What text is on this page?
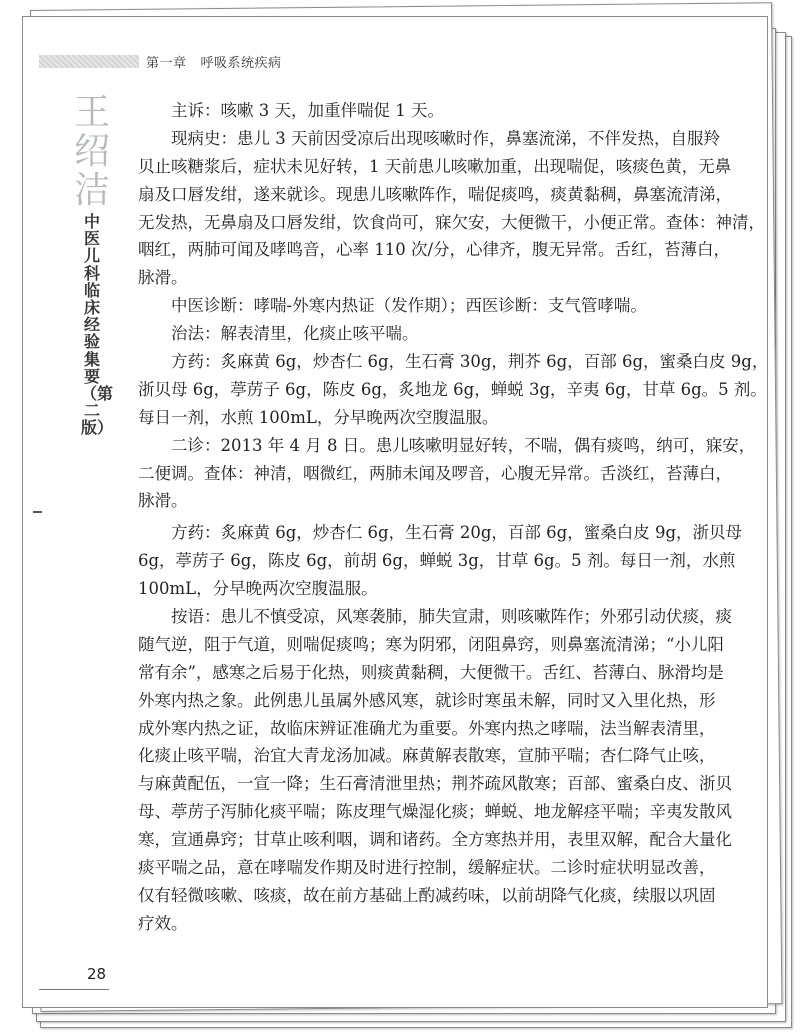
第一章 呼吸系统疾病
王绍洁
中医儿科临床经验集要（第二版）
主诉：咳嗽 3 天，加重伴喘促 1 天。
现病史：患儿 3 天前因受凉后出现咳嗽时作，鼻塞流涕，不伴发热，自服羚
贝止咳糖浆后，症状未见好转，1 天前患儿咳嗽加重，出现喘促，咳痰色黄，无鼻
扇及口唇发绀，遂来就诊。现患儿咳嗽阵作，喘促痰鸣，痰黄黏稠，鼻塞流清涕，
无发热，无鼻扇及口唇发绀，饮食尚可，寐欠安，大便微干，小便正常。查体：神清，
咽红，两肺可闻及哮鸣音，心率 110 次/分，心律齐，腹无异常。舌红，苔薄白，
脉滑。
中医诊断：哮喘-外寒内热证（发作期）；西医诊断：支气管哮喘。
治法：解表清里，化痰止咳平喘。
方药：炙麻黄 6g，炒杏仁 6g，生石膏 30g，荆芥 6g，百部 6g，蜜桑白皮 9g，
浙贝母 6g，葶苈子 6g，陈皮 6g，炙地龙 6g，蝉蜕 3g，辛夷 6g，甘草 6g。5 剂。
每日一剂，水煎 100mL，分早晚两次空腹温服。
二诊：2013 年 4 月 8 日。患儿咳嗽明显好转，不喘，偶有痰鸣，纳可，寐安，
二便调。查体：神清，咽微红，两肺未闻及啰音，心腹无异常。舌淡红，苔薄白，
脉滑。
方药：炙麻黄 6g，炒杏仁 6g，生石膏 20g，百部 6g，蜜桑白皮 9g，浙贝母
6g，葶苈子 6g，陈皮 6g，前胡 6g，蝉蜕 3g，甘草 6g。5 剂。每日一剂，水煎
100mL，分早晚两次空腹温服。
按语：患儿不慎受凉，风寒袭肺，肺失宣肃，则咳嗽阵作；外邪引动伏痰，痰
随气逆，阻于气道，则喘促痰鸣；寒为阴邪，闭阻鼻窍，则鼻塞流清涕；“小儿阳
常有余”，感寒之后易于化热，则痰黄黏稠，大便微干。舌红、苔薄白、脉滑均是
外寒内热之象。此例患儿虽属外感风寒，就诊时寒虽未解，同时又入里化热，形
成外寒内热之证，故临床辨证准确尤为重要。外寒内热之哮喘，法当解表清里，
化痰止咳平喘，治宜大青龙汤加减。麻黄解表散寒，宣肺平喘；杏仁降气止咳，
与麻黄配伍，一宣一降；生石膏清泄里热；荆芥疏风散寒；百部、蜜桑白皮、浙贝
母、葶苈子泻肺化痰平喘；陈皮理气燥湿化痰；蝉蜕、地龙解痉平喘；辛夷发散风
寒，宣通鼻窍；甘草止咳利咽，调和诸药。全方寒热并用，表里双解，配合大量化
痰平喘之品，意在哮喘发作期及时进行控制，缓解症状。二诊时症状明显改善，
仅有轻微咳嗽、咳痰，故在前方基础上酌减药味，以前胡降气化痰，续服以巩固
疗效。
28
